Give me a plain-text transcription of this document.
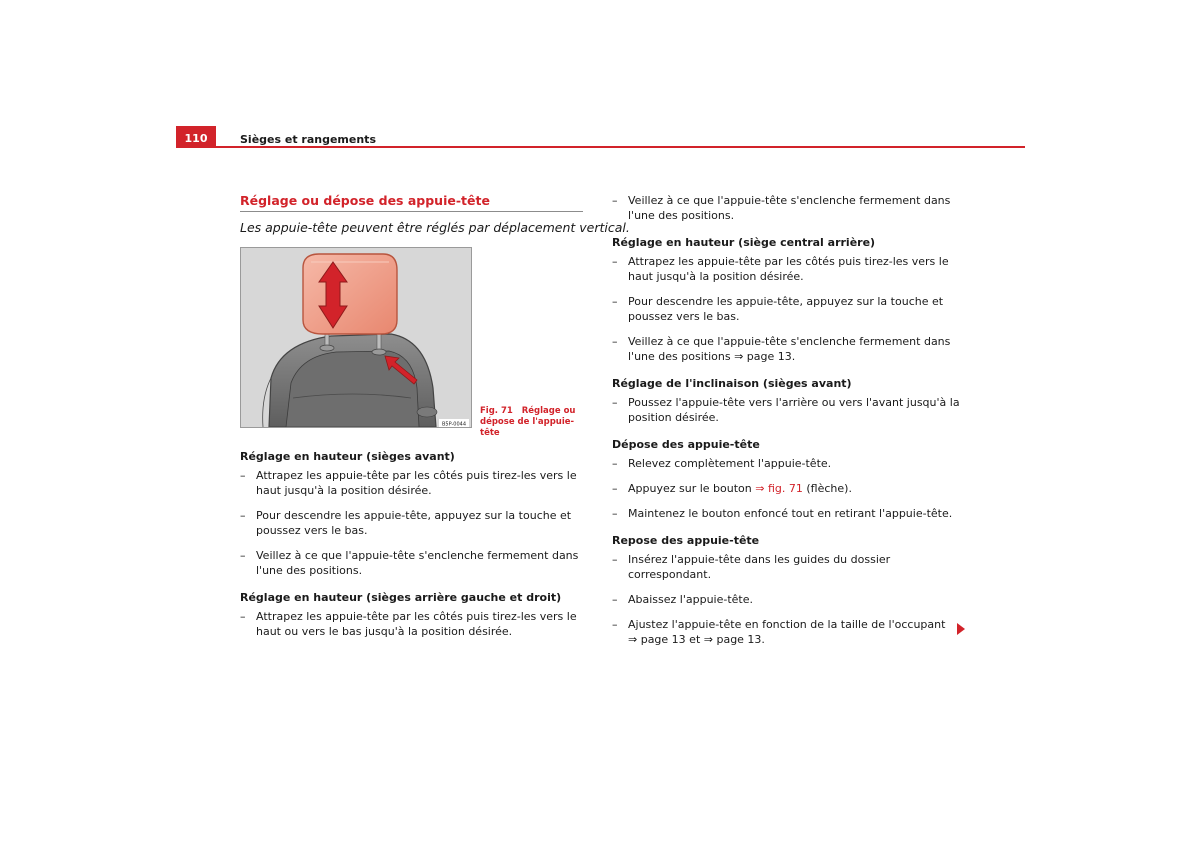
110	Sièges et rangements
Réglage ou dépose des appuie-tête

Les appuie-tête peuvent être réglés par déplacement vertical.

B5P-0044
Fig. 71 Réglage ou
dépose de l'appuie-tête
Réglage en hauteur (sièges avant)

– Attrapez les appuie-tête par les côtés puis tirez-les vers le haut jusqu'à la position désirée.

– Pour descendre les appuie-tête, appuyez sur la touche et poussez vers le bas.

– Veillez à ce que l'appuie-tête s'enclenche fermement dans l'une des positions.

Réglage en hauteur (sièges arrière gauche et droit)

– Attrapez les appuie-tête par les côtés puis tirez-les vers le haut ou vers le bas jusqu'à la position désirée.

– Veillez à ce que l'appuie-tête s'enclenche fermement dans l'une des positions.

Réglage en hauteur (siège central arrière)

– Attrapez les appuie-tête par les côtés puis tirez-les vers le haut jusqu'à la position désirée.

– Pour descendre les appuie-tête, appuyez sur la touche et poussez vers le bas.

– Veillez à ce que l'appuie-tête s'enclenche fermement dans l'une des positions ⇒ page 13.

Réglage de l'inclinaison (sièges avant)

– Poussez l'appuie-tête vers l'arrière ou vers l'avant jusqu'à la position désirée.

Dépose des appuie-tête

– Relevez complètement l'appuie-tête.

– Appuyez sur le bouton ⇒ fig. 71 (flèche).

– Maintenez le bouton enfoncé tout en retirant l'appuie-tête.

Repose des appuie-tête

– Insérez l'appuie-tête dans les guides du dossier correspondant.

– Abaissez l'appuie-tête.

– Ajustez l'appuie-tête en fonction de la taille de l'occupant
⇒ page 13 et ⇒ page 13.
